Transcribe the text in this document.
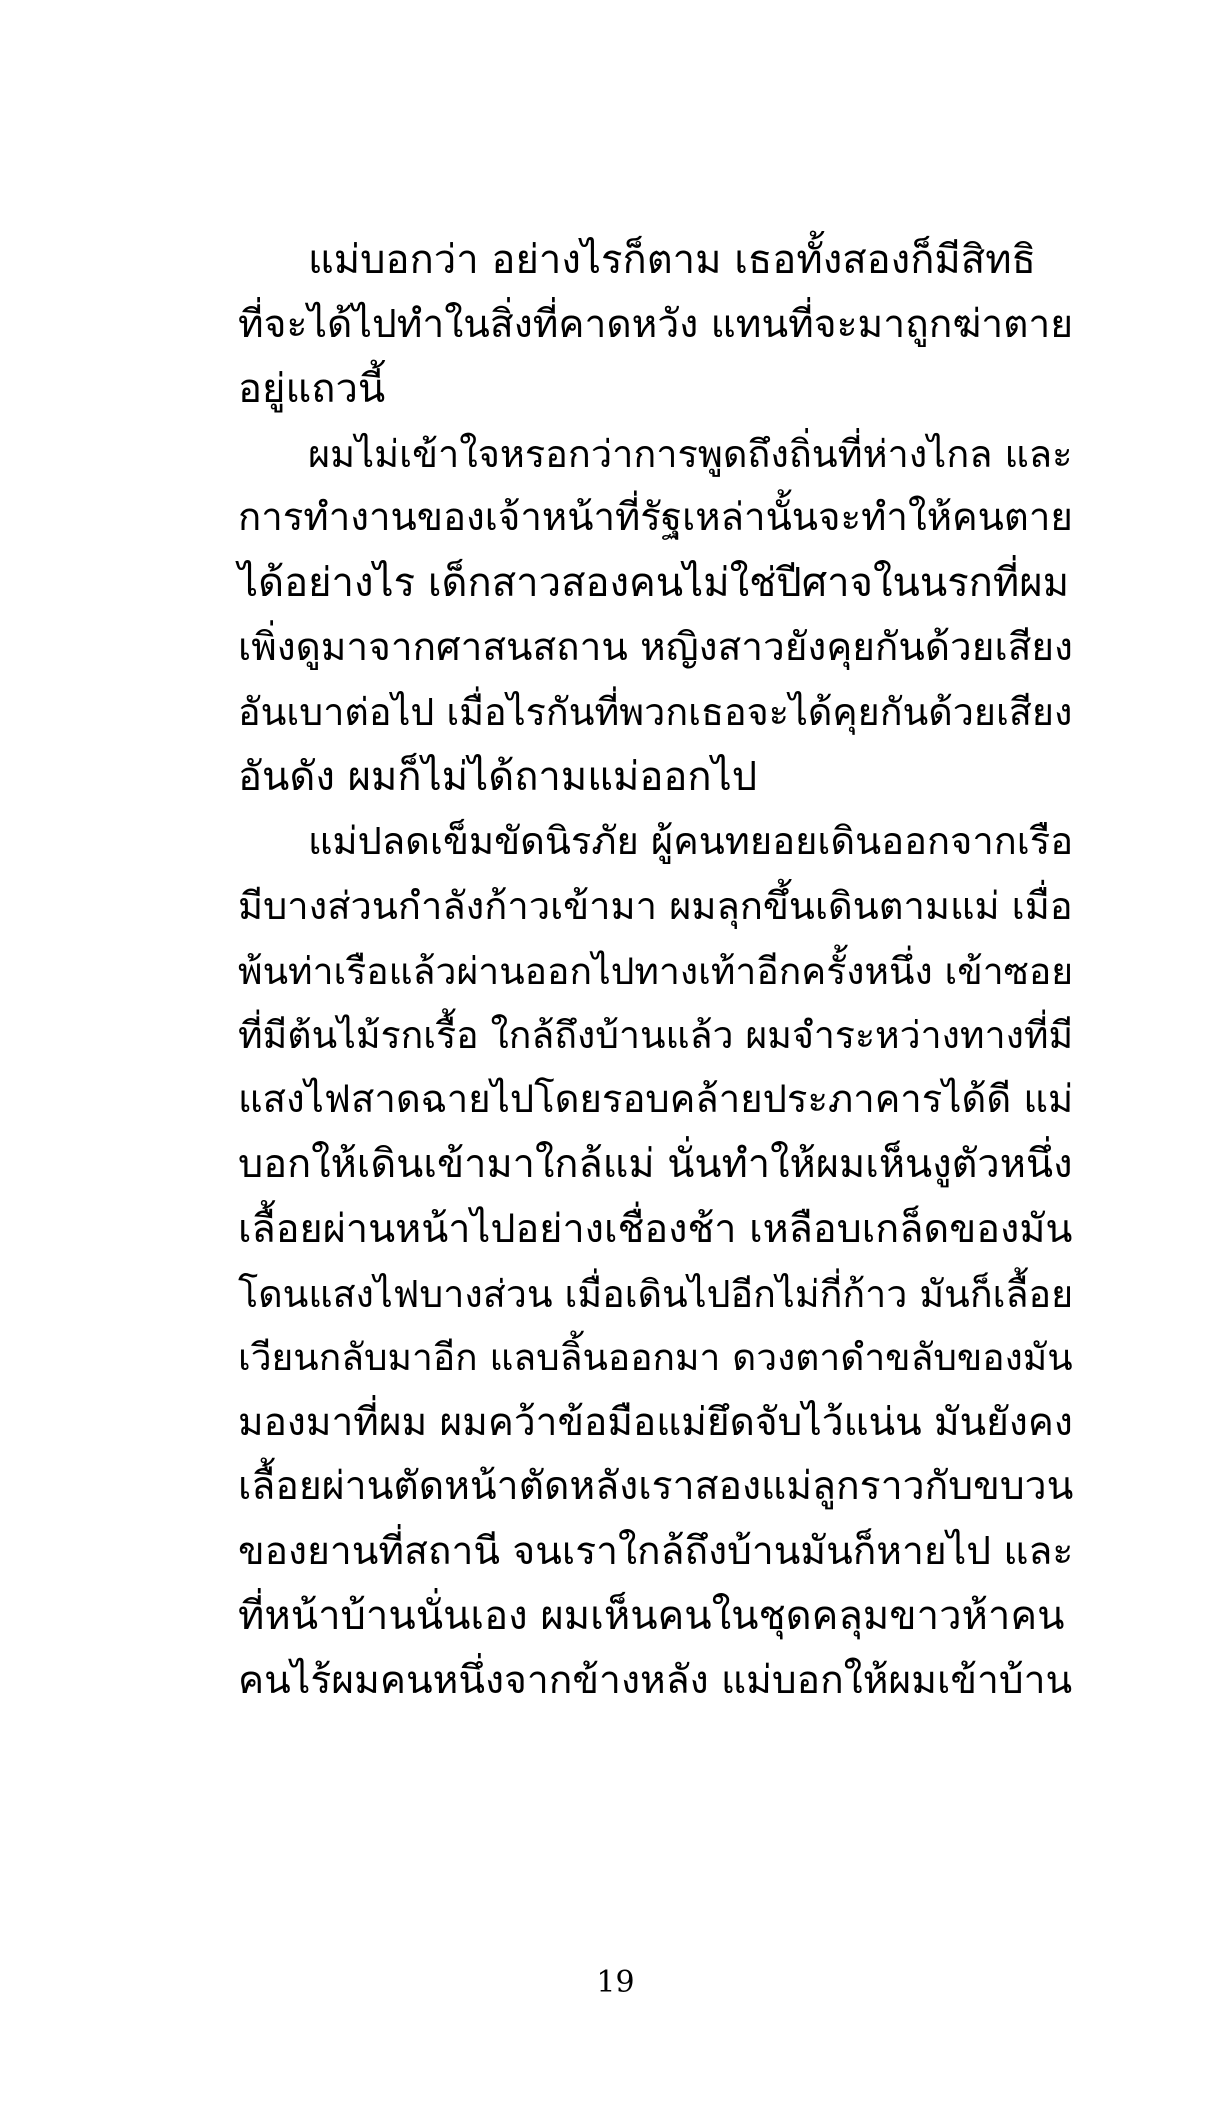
แม่บอกว่า อย่างไรก็ตาม เธอทั้งสองก็มีสิทธิ
ที่จะได้ไปทำในสิ่งที่คาดหวัง แทนที่จะมาถูกฆ่าตาย
อยู่แถวนี้
ผมไม่เข้าใจหรอกว่าการพูดถึงถิ่นที่ห่างไกล และ
การทำงานของเจ้าหน้าที่รัฐเหล่านั้นจะทำให้คนตาย
ได้อย่างไร เด็กสาวสองคนไม่ใช่ปีศาจในนรกที่ผม
เพิ่งดูมาจากศาสนสถาน หญิงสาวยังคุยกันด้วยเสียง
อันเบาต่อไป เมื่อไรกันที่พวกเธอจะได้คุยกันด้วยเสียง
อันดัง ผมก็ไม่ได้ถามแม่ออกไป
แม่ปลดเข็มขัดนิรภัย ผู้คนทยอยเดินออกจากเรือ
มีบางส่วนกำลังก้าวเข้ามา ผมลุกขึ้นเดินตามแม่ เมื่อ
พ้นท่าเรือแล้วผ่านออกไปทางเท้าอีกครั้งหนึ่ง เข้าซอย
ที่มีต้นไม้รกเรื้อ ใกล้ถึงบ้านแล้ว ผมจำระหว่างทางที่มี
แสงไฟสาดฉายไปโดยรอบคล้ายประภาคารได้ดี แม่
บอกให้เดินเข้ามาใกล้แม่ นั่นทำให้ผมเห็นงูตัวหนึ่ง
เลื้อยผ่านหน้าไปอย่างเชื่องช้า เหลือบเกล็ดของมัน
โดนแสงไฟบางส่วน เมื่อเดินไปอีกไม่กี่ก้าว มันก็เลื้อย
เวียนกลับมาอีก แลบลิ้นออกมา ดวงตาดำขลับของมัน
มองมาที่ผม ผมคว้าข้อมือแม่ยึดจับไว้แน่น มันยังคง
เลื้อยผ่านตัดหน้าตัดหลังเราสองแม่ลูกราวกับขบวน
ของยานที่สถานี จนเราใกล้ถึงบ้านมันก็หายไป และ
ที่หน้าบ้านนั่นเอง ผมเห็นคนในชุดคลุมขาวห้าคน
คนไร้ผมคนหนึ่งจากข้างหลัง แม่บอกให้ผมเข้าบ้าน
19
